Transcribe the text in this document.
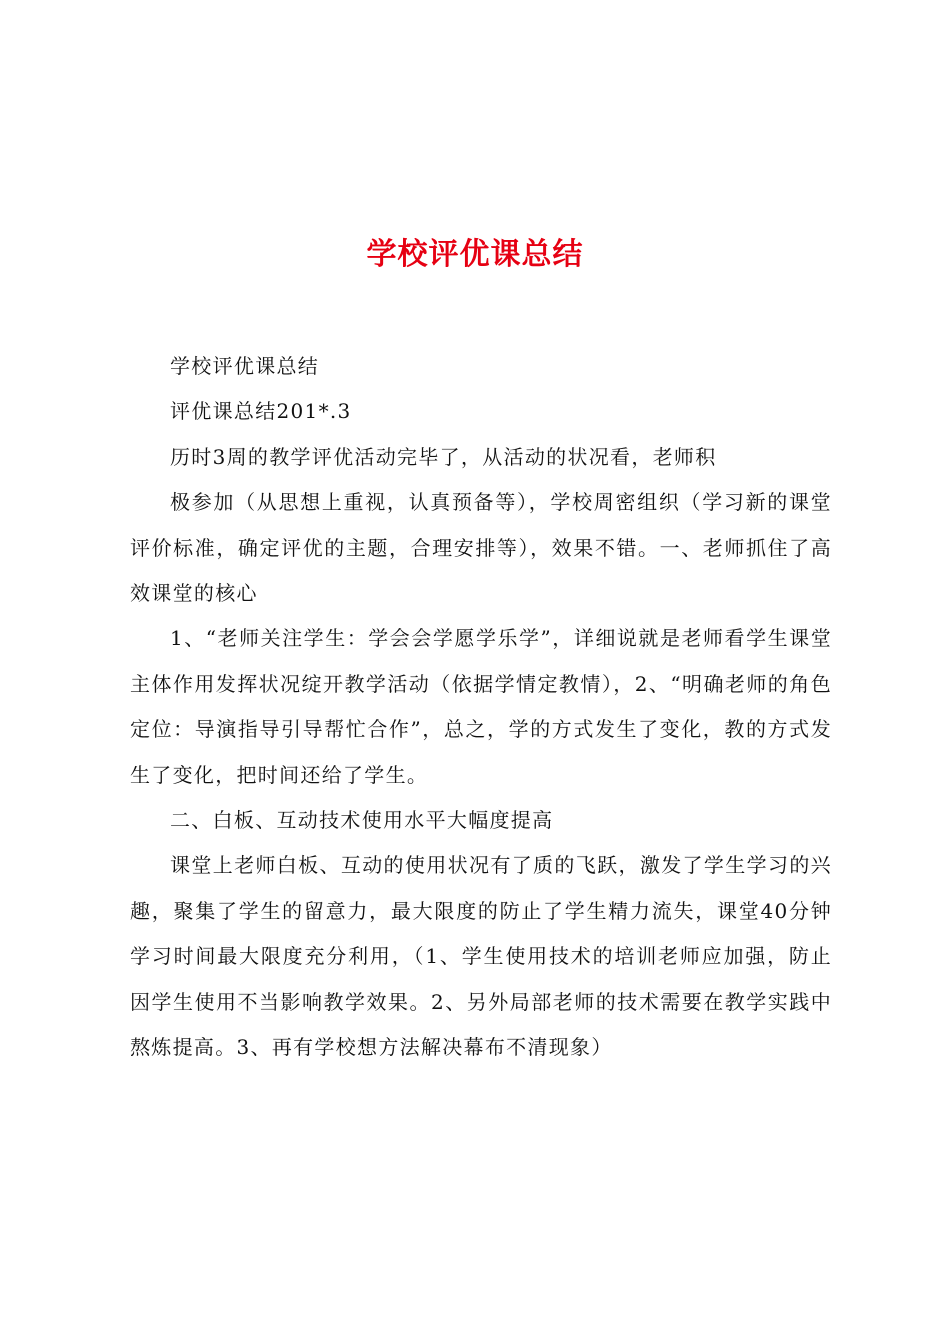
学校评优课总结

学校评优课总结

评优课总结201*.3

历时3周的教学评优活动完毕了，从活动的状况看，老师积

极参加（从思想上重视，认真预备等），学校周密组织（学习新的课堂评价标准，确定评优的主题，合理安排等），效果不错。一、老师抓住了高效课堂的核心

1、“老师关注学生：学会会学愿学乐学”，详细说就是老师看学生课堂主体作用发挥状况绽开教学活动（依据学情定教情），2、“明确老师的角色定位：导演指导引导帮忙合作”，总之，学的方式发生了变化，教的方式发生了变化，把时间还给了学生。

二、白板、互动技术使用水平大幅度提高

课堂上老师白板、互动的使用状况有了质的飞跃，激发了学生学习的兴趣，聚集了学生的留意力，最大限度的防止了学生精力流失，课堂40分钟学习时间最大限度充分利用，（1、学生使用技术的培训老师应加强，防止因学生使用不当影响教学效果。2、另外局部老师的技术需要在教学实践中熬炼提高。3、再有学校想方法解决幕布不清现象）
